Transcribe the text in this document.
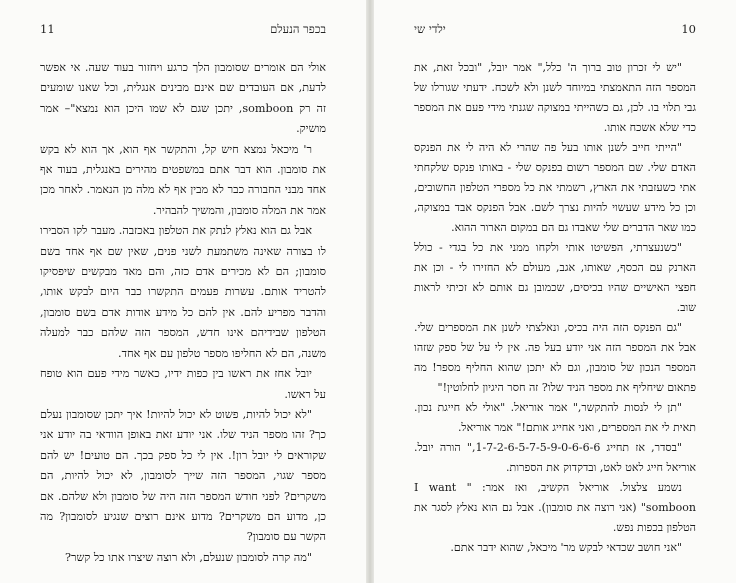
11	בכפר הנעלם

אולי הם אומרים שסומבון הלך כרגע ויחזור בעוד שעה. אי אפשר לדעת, אם העובדים שם אינם מבינים אנגלית, וכל שאנו שומעים זה רק somboon, יתכן שגם לא שמו היכן הוא נמצא"– אמר מושיק.

ר' מיכאל נמצא חיש קל, והתקשר אף הוא, אך הוא לא בקש את סומבון. הוא דבר אתם במשפטים מהירים באנגלית, בעוד אף אחד מבני החבורה כבר לא מבין אף לא מלה מן הנאמר. לאחר מכן אמר את המלה סומבון, והמשיך להבהיר.

אבל גם הוא נאלץ לנתק את הטלפון באכזבה. מעבר לקו הסבירו לו בצורה שאינה משתמעת לשני פנים, שאין שם אף אחד בשם סומבון; הם לא מכירים אדם כזה, והם מאד מבקשים שיפסיקו להטריד אותם. עשרות פעמים התקשרו כבר היום לבקש אותו, והדבר מפריע להם. אין להם כל מידע אודות אדם בשם סומבון, הטלפון שבידיהם אינו חדש, המספר הזה שלהם כבר למעלה משנה, הם לא החליפו מספר טלפון עם אף אחד.

יובל אחז את ראשו בין כפות ידיו, כאשר מידי פעם הוא טופח על ראשו.

"לא יכול להיות, פשוט לא יכול להיות! איך יתכן שסומבון נעלם כך? זהו מספר הניד שלו. אני יודע זאת באופן הוודאי בה יודע אני שקוראים לי יובל רון!. אין לי כל ספק בכך. הם טועים! יש להם מספר שגוי, המספר הזה שייך לסומבון, לא יכול להיות, הם משקרים? לפני חודש המספר הזה היה של סומבון ולא שלהם. אם כן, מדוע הם משקרים? מדוע אינם רוצים שנגיע לסומבון? מה הקשר עם סומבון?

"מה קרה לסומבון שנעלם, ולא רוצה שיצרו אתו כל קשר?

ילדי שי	10

"יש לי זכרון טוב ברוך ה' כלל," אמר יובל, "ובכל זאת, את המספר הזה התאמצתי במיוחד לשנן ולא לשכח. ידעתי שגורלו של גבי תלוי בו. לכן, גם כשהייתי במצוקה שגנתי מידי פעם את המספר כדי שלא אשכח אותו.

"הייתי חייב לשנן אותו בעל פה שהרי לא היה לי את הפנקס האדם שלי. שם המספר רשום בפנקס שלי - באותו פנקס שלקחתי אתי כשעזבתי את הארץ, רשמתי את כל מספרי הטלפון החשובים, וכן כל מידע שעשוי להיות נצרך לשם. אבל הפנקס אבד במצוקה, כמו שאר הדברים שלי שאבדו גם הם במקום הארור ההוא.

"כשנעצרתי, הפשיטו אותי ולקחו ממני את כל בגדי - כולל הארנק עם הכסף, שאותו, אגב, מעולם לא החזירו לי - וכן את חפצי האישיים שהיו בכיסים, שכמובן גם אותם לא זכיתי לראות שוב.

"גם הפנקס הזה היה בכיס, ונאלצתי לשנן את המספרים שלי. אבל את המספר הזה אני יודע בעל פה. אין לי על של ספק שזהו המספר הנכון של סומבון, וגם לא יתכן שהוא החליף מספר! מה פתאום שיחליף את מספר הניד שלו? זה חסר היגיון לחלוטין!"

"תן לי לנסות להתקשר," אמר אוריאל. "אולי לא חייגת נכון. תאית לי את המספרים, ואני אחייג אותם!" אמר אוריאל.

"בסדר, אז תחייג 1-7-2-6-5-7-5-9-0-6-6-6," הורה יובל. אוריאל חייג לאט לאט, ובדקדוק את הספרות.

נשמע צלצול. אוריאל הקשיב, ואז אמר: " I want somboon" (אני רוצה את סומבון). אבל גם הוא נאלץ לסגר את הטלפון בכפות נפש.

"אני חושב שכדאי לבקש מר' מיכאל, שהוא ידבר אתם.
